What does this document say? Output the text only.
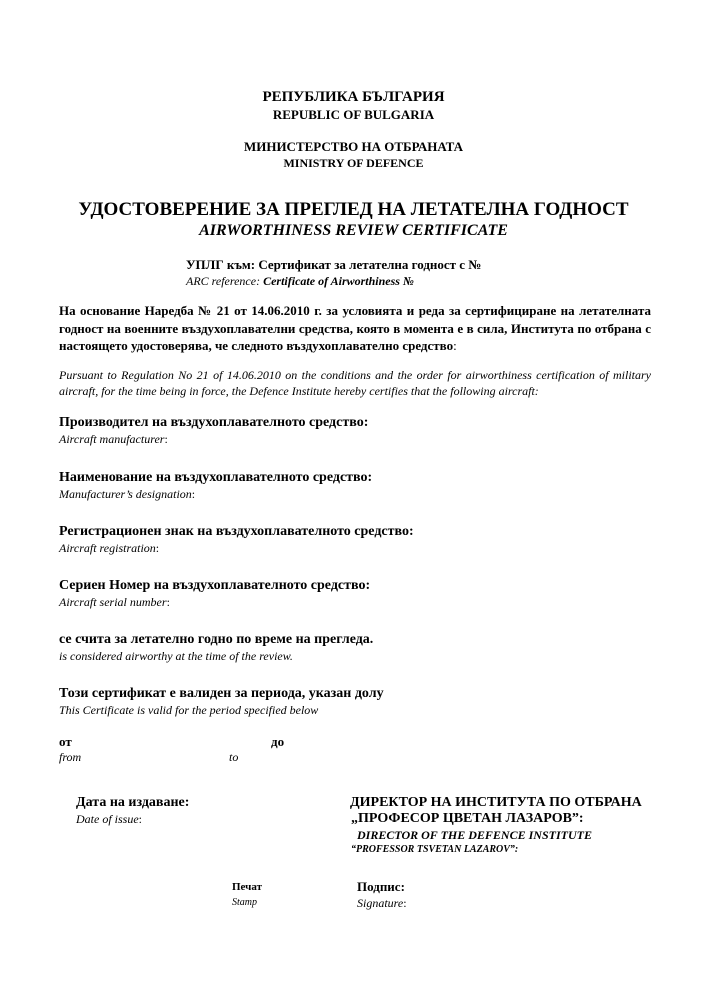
РЕПУБЛИКА БЪЛГАРИЯ
REPUBLIC OF BULGARIA
МИНИСТЕРСТВО НА ОТБРАНАТА
MINISTRY OF DEFENCE
УДОСТОВЕРЕНИЕ ЗА ПРЕГЛЕД НА ЛЕТАТЕЛНА ГОДНОСТ
AIRWORTHINESS REVIEW CERTIFICATE
УПЛГ към: Сертификат за летателна годност с №
ARC reference: Certificate of Airworthiness №
На основание Наредба № 21 от 14.06.2010 г. за условията и реда за сертифициране на летателната годност на военните въздухоплавателни средства, която в момента е в сила, Института по отбрана с настоящето удостоверява, че следното въздухоплавателно средство:
Pursuant to Regulation No 21 of 14.06.2010 on the conditions and the order for airworthiness certification of military aircraft, for the time being in force, the Defence Institute hereby certifies that the following aircraft:
Производител на въздухоплавателното средство:
Aircraft manufacturer:
Наименование на въздухоплавателното средство:
Manufacturer’s designation:
Регистрационен знак на въздухоплавателното средство:
Aircraft registration:
Сериен Номер на въздухоплавателното средство:
Aircraft serial number:
се счита за летателно годно по време на прегледа.
is considered airworthy at the time of the review.
Този сертификат е валиден за периода, указан долу
This Certificate is valid for the period specified below
от
from
до
to
Дата на издаване:
Date of issue:
ДИРЕКТОР НА ИНСТИТУТА ПО ОТБРАНА
„ПРОФЕСОР ЦВЕТАН ЛАЗАРОВ”:
DIRECTOR OF THE DEFENCE INSTITUTE
“PROFESSOR TSVETAN LAZAROV”:
Печат
Stamp
Подпис:
Signature:
